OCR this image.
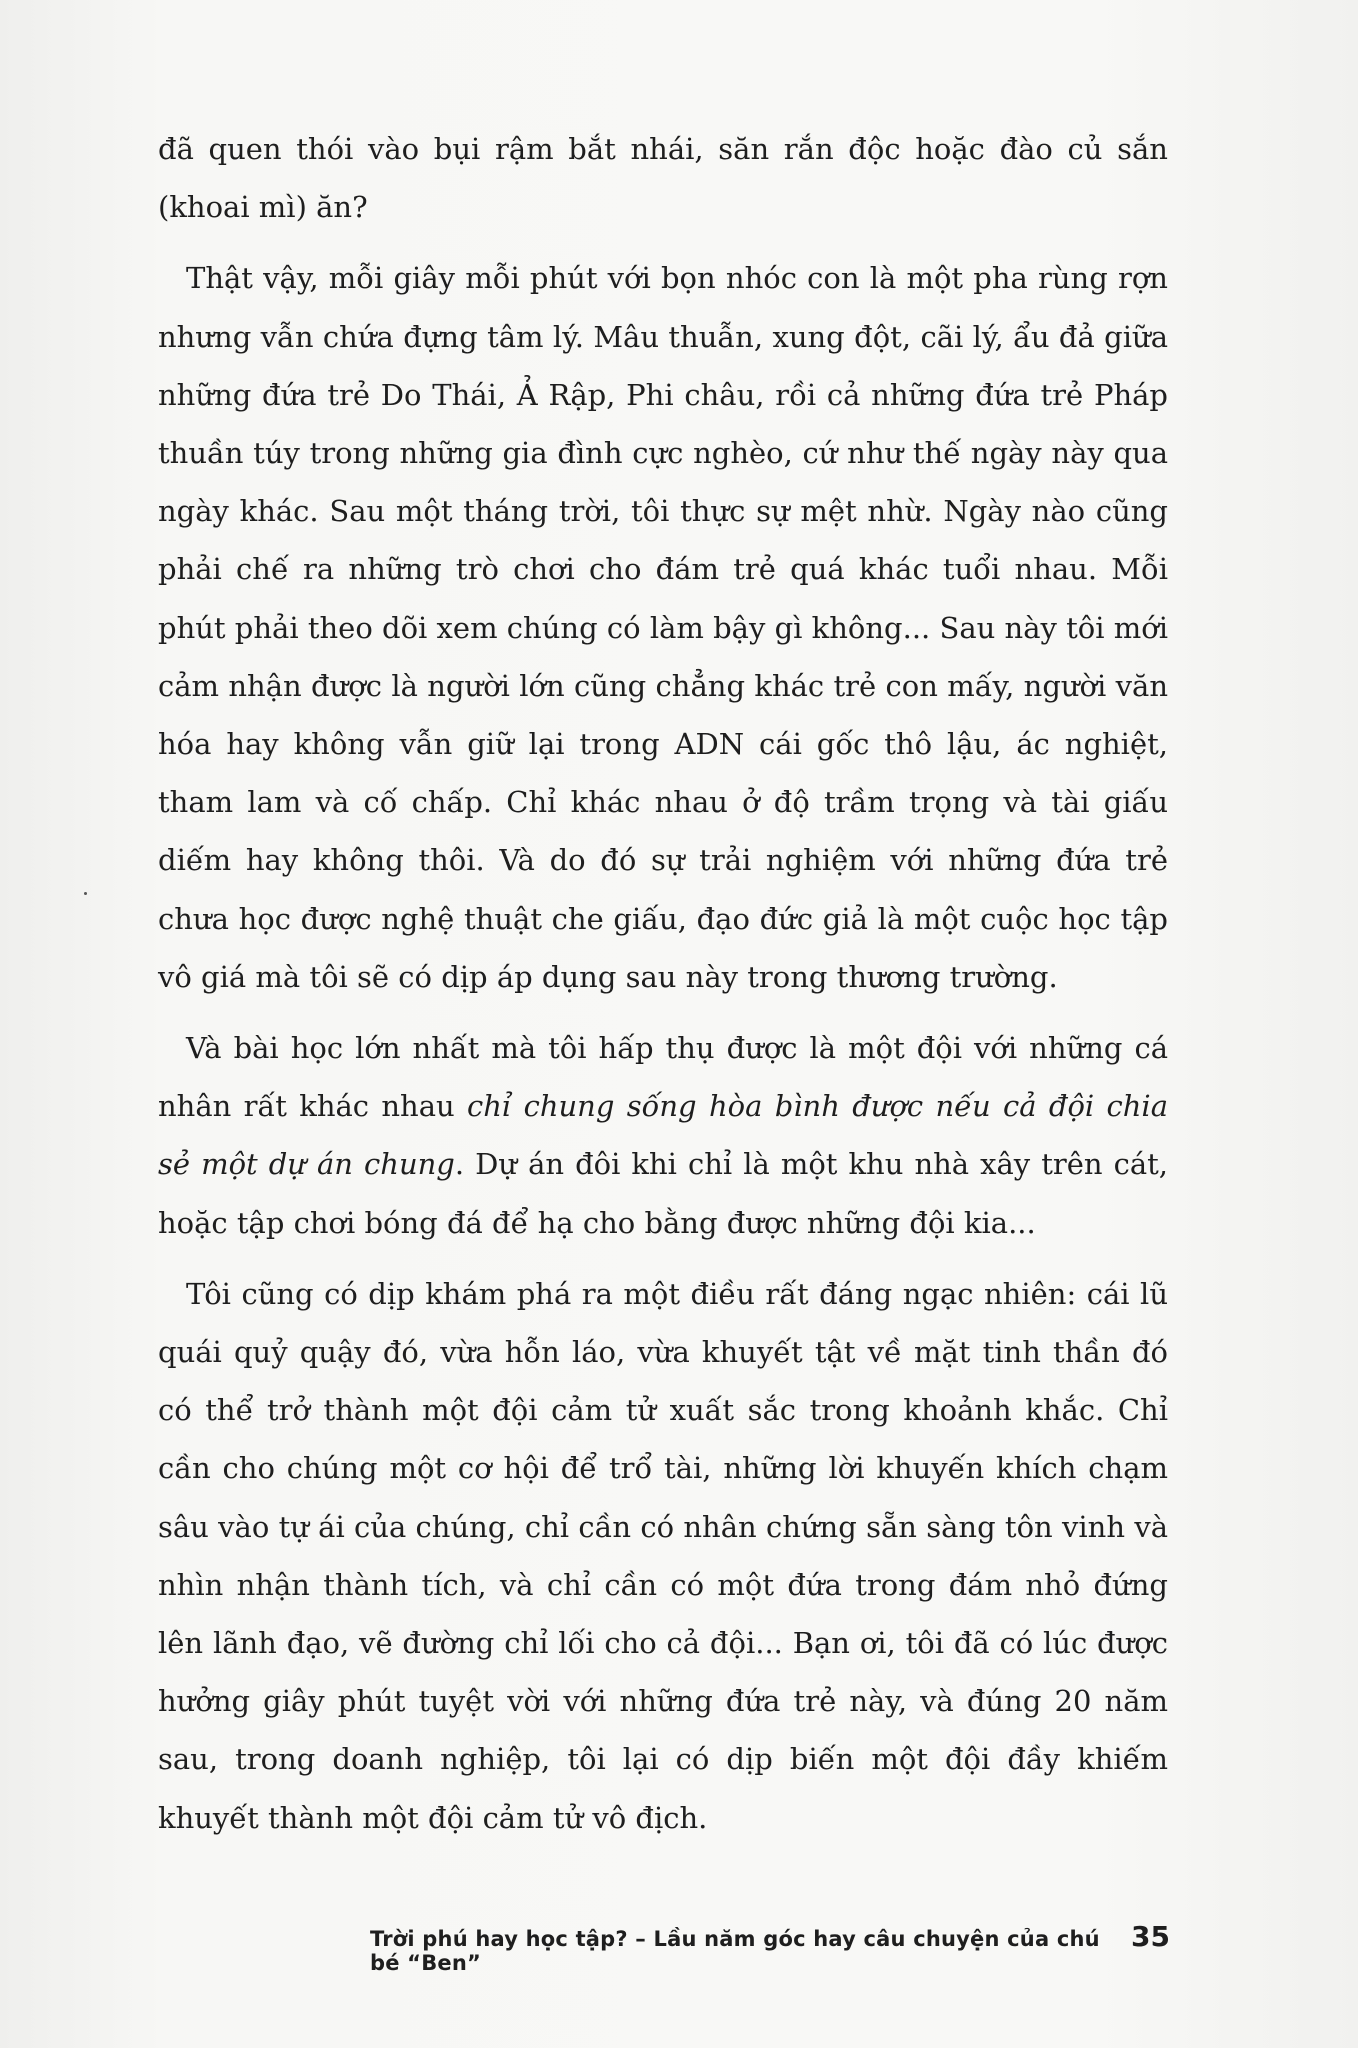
đã quen thói vào bụi rậm bắt nhái, săn rắn độc hoặc đào củ sắn (khoai mì) ăn?

Thật vậy, mỗi giây mỗi phút với bọn nhóc con là một pha rùng rợn nhưng vẫn chứa đựng tâm lý. Mâu thuẫn, xung đột, cãi lý, ẩu đả giữa những đứa trẻ Do Thái, Ả Rập, Phi châu, rồi cả những đứa trẻ Pháp thuần túy trong những gia đình cực nghèo, cứ như thế ngày này qua ngày khác. Sau một tháng trời, tôi thực sự mệt nhừ. Ngày nào cũng phải chế ra những trò chơi cho đám trẻ quá khác tuổi nhau. Mỗi phút phải theo dõi xem chúng có làm bậy gì không... Sau này tôi mới cảm nhận được là người lớn cũng chẳng khác trẻ con mấy, người văn hóa hay không vẫn giữ lại trong ADN cái gốc thô lậu, ác nghiệt, tham lam và cố chấp. Chỉ khác nhau ở độ trầm trọng và tài giấu diếm hay không thôi. Và do đó sự trải nghiệm với những đứa trẻ chưa học được nghệ thuật che giấu, đạo đức giả là một cuộc học tập vô giá mà tôi sẽ có dịp áp dụng sau này trong thương trường.

Và bài học lớn nhất mà tôi hấp thụ được là một đội với những cá nhân rất khác nhau chỉ chung sống hòa bình được nếu cả đội chia sẻ một dự án chung. Dự án đôi khi chỉ là một khu nhà xây trên cát, hoặc tập chơi bóng đá để hạ cho bằng được những đội kia...

Tôi cũng có dịp khám phá ra một điều rất đáng ngạc nhiên: cái lũ quái quỷ quậy đó, vừa hỗn láo, vừa khuyết tật về mặt tinh thần đó có thể trở thành một đội cảm tử xuất sắc trong khoảnh khắc. Chỉ cần cho chúng một cơ hội để trổ tài, những lời khuyến khích chạm sâu vào tự ái của chúng, chỉ cần có nhân chứng sẵn sàng tôn vinh và nhìn nhận thành tích, và chỉ cần có một đứa trong đám nhỏ đứng lên lãnh đạo, vẽ đường chỉ lối cho cả đội... Bạn ơi, tôi đã có lúc được hưởng giây phút tuyệt vời với những đứa trẻ này, và đúng 20 năm sau, trong doanh nghiệp, tôi lại có dịp biến một đội đầy khiếm khuyết thành một đội cảm tử vô địch.

Trời phú hay học tập? – Lầu năm góc hay câu chuyện của chú bé “Ben”
35
